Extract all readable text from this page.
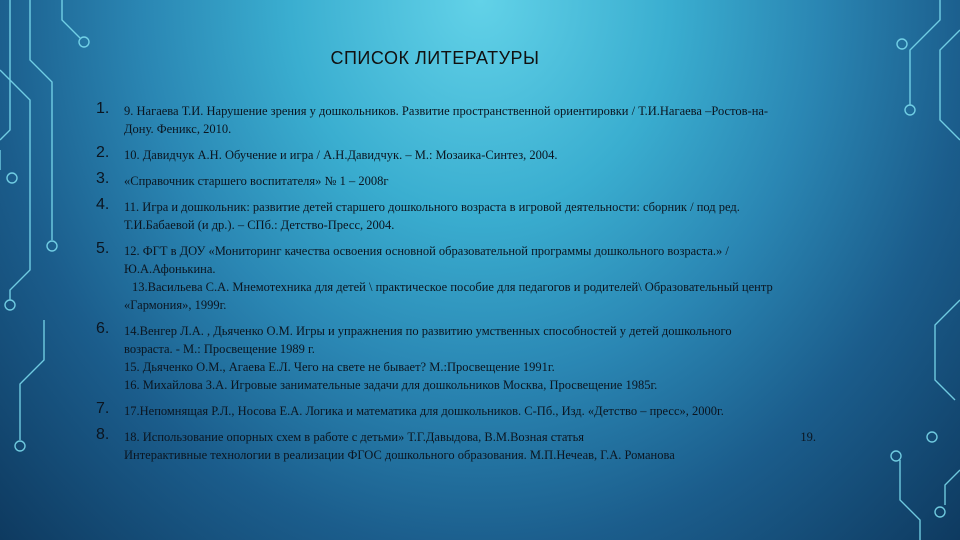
СПИСОК ЛИТЕРАТУРЫ
1. 9. Нагаева Т.И. Нарушение зрения у дошкольников. Развитие пространственной ориентировки / Т.И.Нагаева –Ростов-на-
Дону. Феникс, 2010.
2. 10. Давидчук А.Н. Обучение и игра / А.Н.Давидчук. – М.: Мозаика-Синтез, 2004.
3. «Справочник старшего воспитателя» № 1 – 2008г
4. 11. Игра и дошкольник: развитие детей старшего дошкольного возраста в игровой деятельности: сборник / под ред.
Т.И.Бабаевой (и др.). – СПб.: Детство-Пресс, 2004.
5. 12. ФГТ в ДОУ «Мониторинг качества освоения основной образовательной программы дошкольного возраста.» /
Ю.А.Афонькина.
13.Васильева С.А. Мнемотехника для детей \ практическое пособие для педагогов и родителей\ Образовательный центр
«Гармония», 1999г.
6. 14.Венгер Л.А. , Дьяченко О.М. Игры и упражнения по развитию умственных способностей у детей дошкольного
возраста. - М.: Просвещение 1989 г.
15. Дьяченко О.М., Агаева Е.Л. Чего на свете не бывает? М.:Просвещение 1991г.
16. Михайлова З.А. Игровые занимательные задачи для дошкольников Москва, Просвещение 1985г.
7. 17.Непомнящая Р.Л., Носова Е.А. Логика и математика для дошкольников. С-Пб., Изд. «Детство – пресс», 2000г.
8. 18. Использование опорных схем в работе с детьми» Т.Г.Давыдова, В.М.Возная статья	19.
Интерактивные технологии в реализации ФГОС дошкольного образования. М.П.Нечеав, Г.А. Романова
